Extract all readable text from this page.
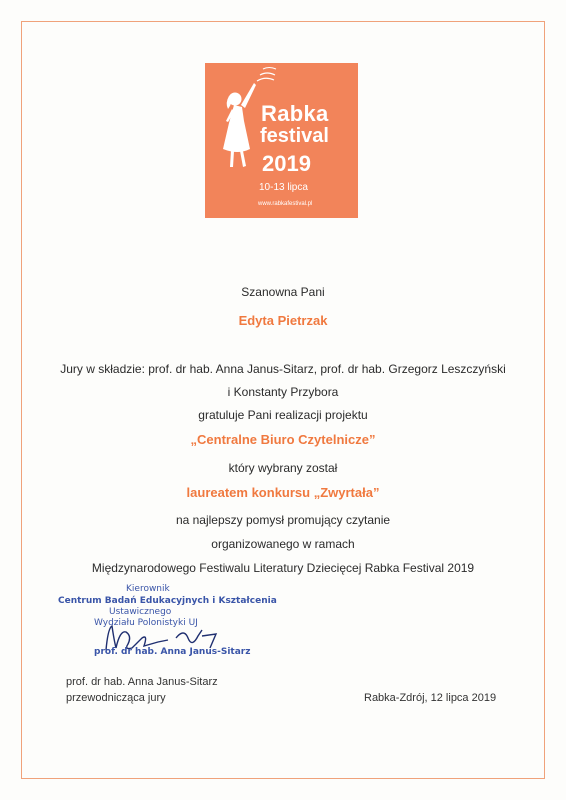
Rabka
festival
2019
10-13 lipca
www.rabkafestival.pl
Szanowna Pani
Edyta Pietrzak
Jury w składzie: prof. dr hab. Anna Janus-Sitarz, prof. dr hab. Grzegorz Leszczyński
i Konstanty Przybora
gratuluje Pani realizacji projektu
„Centralne Biuro Czytelnicze”
który wybrany został
laureatem konkursu „Zwyrtała”
na najlepszy pomysł promujący czytanie
organizowanego w ramach
Międzynarodowego Festiwalu Literatury Dziecięcej Rabka Festival 2019
Kierownik
Centrum Badań Edukacyjnych i Kształcenia
Ustawicznego
Wydziału Polonistyki UJ
prof. dr hab. Anna Janus-Sitarz
prof. dr hab. Anna Janus-Sitarz
przewodnicząca jury	Rabka-Zdrój, 12 lipca 2019
